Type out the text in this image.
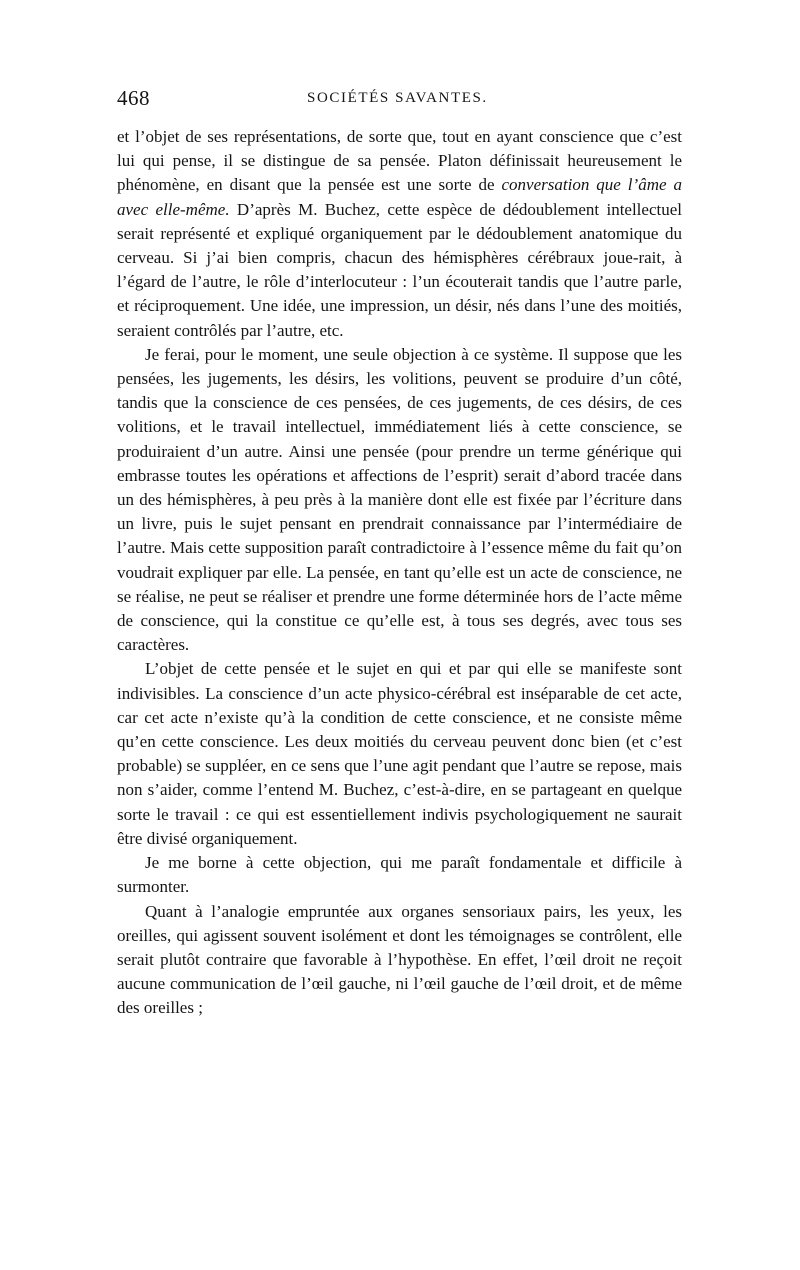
468	SOCIÉTÉS SAVANTES.

et l’objet de ses représentations, de sorte que, tout en ayant conscience que c’est lui qui pense, il se distingue de sa pensée. Platon définissait heureusement le phénomène, en disant que la pensée est une sorte de conversation que l’âme a avec elle-même. D’après M. Buchez, cette espèce de dédoublement intellectuel serait représenté et expliqué organiquement par le dédoublement anatomique du cerveau. Si j’ai bien compris, chacun des hémisphères cérébraux joue-rait, à l’égard de l’autre, le rôle d’interlocuteur : l’un écouterait tandis que l’autre parle, et réciproquement. Une idée, une impression, un désir, nés dans l’une des moitiés, seraient contrôlés par l’autre, etc.

Je ferai, pour le moment, une seule objection à ce système. Il suppose que les pensées, les jugements, les désirs, les volitions, peuvent se produire d’un côté, tandis que la conscience de ces pensées, de ces jugements, de ces désirs, de ces volitions, et le travail intellectuel, immédiatement liés à cette conscience, se produiraient d’un autre. Ainsi une pensée (pour prendre un terme générique qui embrasse toutes les opérations et affections de l’esprit) serait d’abord tracée dans un des hémisphères, à peu près à la manière dont elle est fixée par l’écriture dans un livre, puis le sujet pensant en prendrait connaissance par l’intermédiaire de l’autre. Mais cette supposition paraît contradictoire à l’essence même du fait qu’on voudrait expliquer par elle. La pensée, en tant qu’elle est un acte de conscience, ne se réalise, ne peut se réaliser et prendre une forme déterminée hors de l’acte même de conscience, qui la constitue ce qu’elle est, à tous ses degrés, avec tous ses caractères.

L’objet de cette pensée et le sujet en qui et par qui elle se manifeste sont indivisibles. La conscience d’un acte physico-cérébral est inséparable de cet acte, car cet acte n’existe qu’à la condition de cette conscience, et ne consiste même qu’en cette conscience. Les deux moitiés du cerveau peuvent donc bien (et c’est probable) se suppléer, en ce sens que l’une agit pendant que l’autre se repose, mais non s’aider, comme l’entend M. Buchez, c’est-à-dire, en se partageant en quelque sorte le travail : ce qui est essentiellement indivis psychologiquement ne saurait être divisé organiquement.

Je me borne à cette objection, qui me paraît fondamentale et difficile à surmonter.

Quant à l’analogie empruntée aux organes sensoriaux pairs, les yeux, les oreilles, qui agissent souvent isolément et dont les témoignages se contrôlent, elle serait plutôt contraire que favorable à l’hypothèse. En effet, l’œil droit ne reçoit aucune communication de l’œil gauche, ni l’œil gauche de l’œil droit, et de même des oreilles ;
